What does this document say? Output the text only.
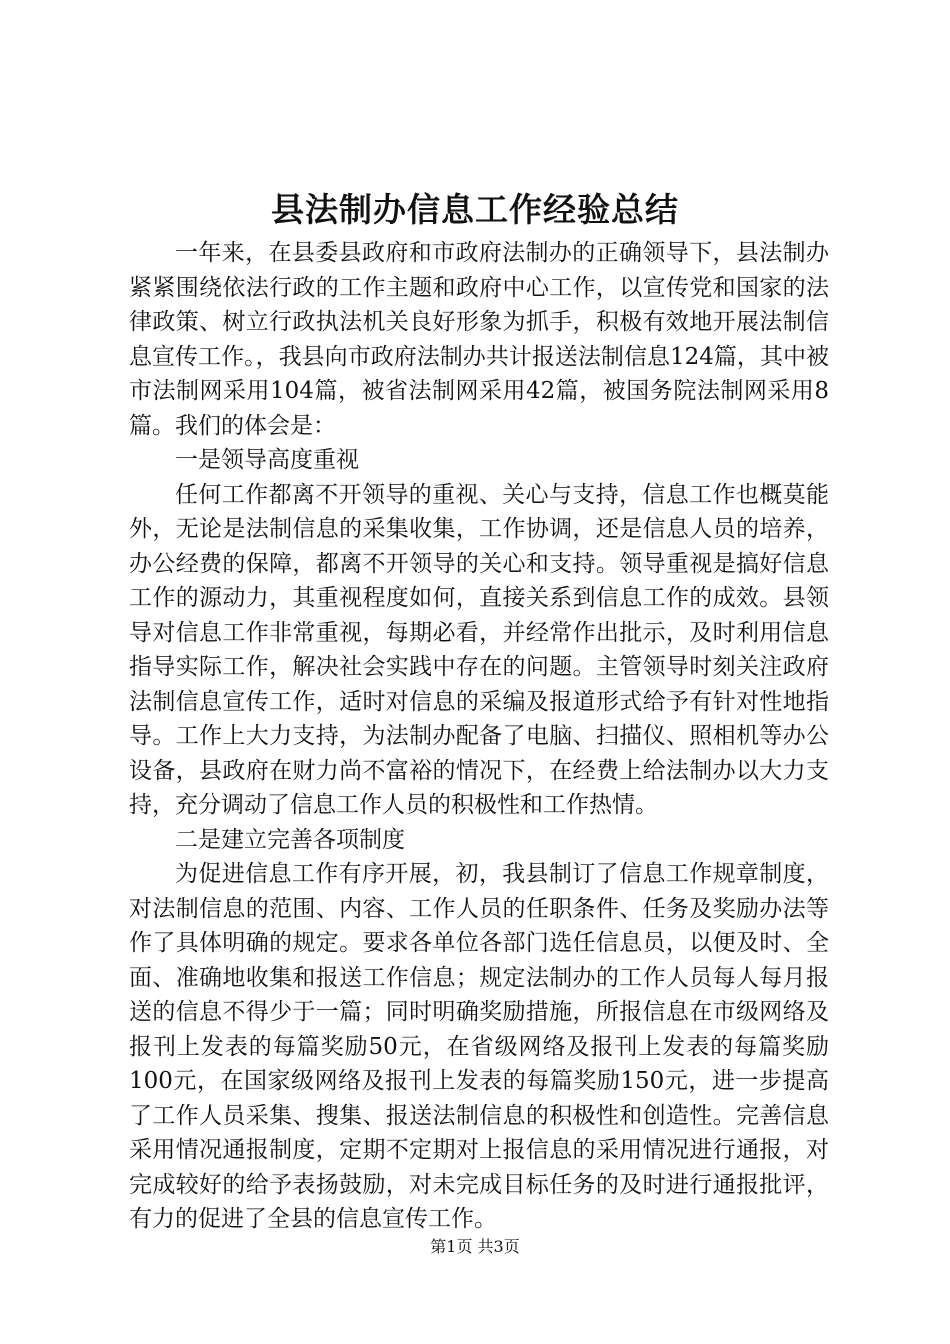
县法制办信息工作经验总结

一年来，在县委县政府和市政府法制办的正确领导下，县法制办紧紧围绕依法行政的工作主题和政府中心工作，以宣传党和国家的法律政策、树立行政执法机关良好形象为抓手，积极有效地开展法制信息宣传工作。，我县向市政府法制办共计报送法制信息124篇，其中被市法制网采用104篇，被省法制网采用42篇，被国务院法制网采用8篇。我们的体会是：

一是领导高度重视

任何工作都离不开领导的重视、关心与支持，信息工作也概莫能外，无论是法制信息的采集收集，工作协调，还是信息人员的培养，办公经费的保障，都离不开领导的关心和支持。领导重视是搞好信息工作的源动力，其重视程度如何，直接关系到信息工作的成效。县领导对信息工作非常重视，每期必看，并经常作出批示，及时利用信息指导实际工作，解决社会实践中存在的问题。主管领导时刻关注政府法制信息宣传工作，适时对信息的采编及报道形式给予有针对性地指导。工作上大力支持，为法制办配备了电脑、扫描仪、照相机等办公设备，县政府在财力尚不富裕的情况下，在经费上给法制办以大力支持，充分调动了信息工作人员的积极性和工作热情。

二是建立完善各项制度

为促进信息工作有序开展，初，我县制订了信息工作规章制度，对法制信息的范围、内容、工作人员的任职条件、任务及奖励办法等作了具体明确的规定。要求各单位各部门选任信息员，以便及时、全面、准确地收集和报送工作信息；规定法制办的工作人员每人每月报送的信息不得少于一篇；同时明确奖励措施，所报信息在市级网络及报刊上发表的每篇奖励50元，在省级网络及报刊上发表的每篇奖励100元，在国家级网络及报刊上发表的每篇奖励150元，进一步提高了工作人员采集、搜集、报送法制信息的积极性和创造性。完善信息采用情况通报制度，定期不定期对上报信息的采用情况进行通报，对完成较好的给予表扬鼓励，对未完成目标任务的及时进行通报批评，有力的促进了全县的信息宣传工作。

第1页 共3页
